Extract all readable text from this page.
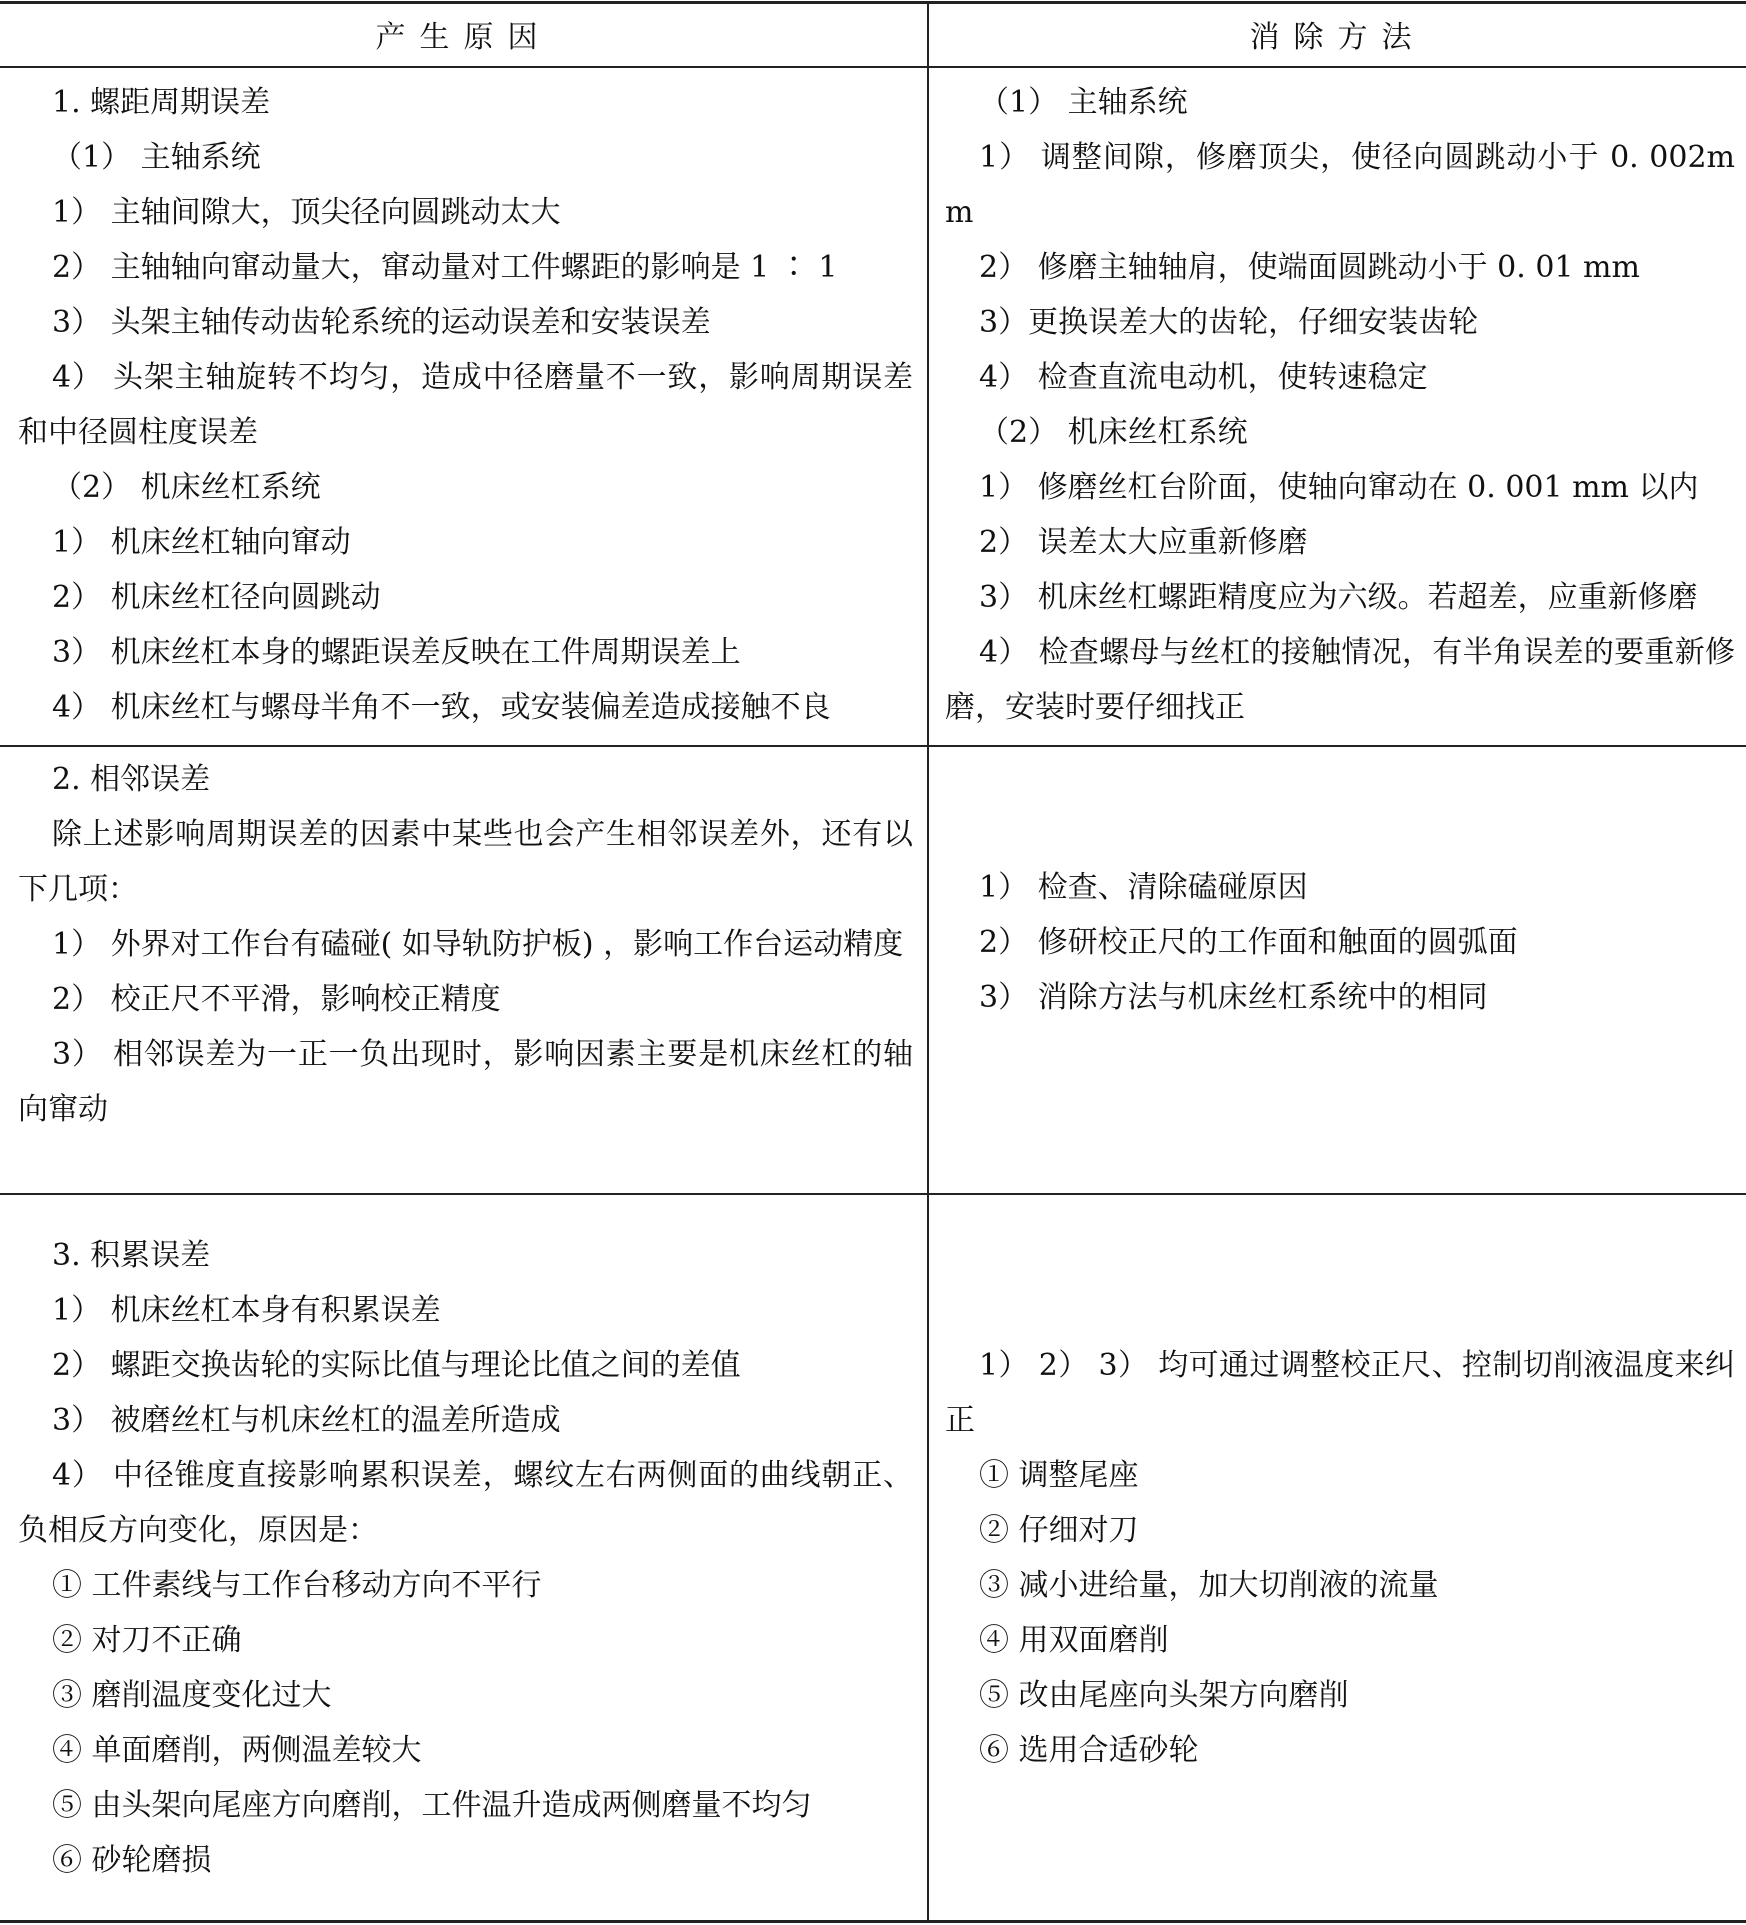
产生原因	消除方法

1. 螺距周期误差

（1） 主轴系统

1） 主轴间隙大，顶尖径向圆跳动太大

2） 主轴轴向窜动量大，窜动量对工件螺距的影响是 1 ∶ 1

3） 头架主轴传动齿轮系统的运动误差和安装误差

4） 头架主轴旋转不均匀，造成中径磨量不一致，影响周期误差和中径圆柱度误差

（2） 机床丝杠系统

1） 机床丝杠轴向窜动

2） 机床丝杠径向圆跳动

3） 机床丝杠本身的螺距误差反映在工件周期误差上

4） 机床丝杠与螺母半角不一致，或安装偏差造成接触不良

（1） 主轴系统

1） 调整间隙，修磨顶尖，使径向圆跳动小于 0. 002mm

2） 修磨主轴轴肩，使端面圆跳动小于 0. 01 mm

3）更换误差大的齿轮，仔细安装齿轮

4） 检查直流电动机，使转速稳定

（2） 机床丝杠系统

1） 修磨丝杠台阶面，使轴向窜动在 0. 001 mm 以内

2） 误差太大应重新修磨

3） 机床丝杠螺距精度应为六级。若超差，应重新修磨

4） 检查螺母与丝杠的接触情况，有半角误差的要重新修磨，安装时要仔细找正

2. 相邻误差

除上述影响周期误差的因素中某些也会产生相邻误差外，还有以下几项：

1） 外界对工作台有磕碰( 如导轨防护板) ，影响工作台运动精度

2） 校正尺不平滑，影响校正精度

3） 相邻误差为一正一负出现时，影响因素主要是机床丝杠的轴向窜动

1） 检查、清除磕碰原因

2） 修研校正尺的工作面和触面的圆弧面

3） 消除方法与机床丝杠系统中的相同

3. 积累误差

1） 机床丝杠本身有积累误差

2） 螺距交换齿轮的实际比值与理论比值之间的差值

3） 被磨丝杠与机床丝杠的温差所造成

4） 中径锥度直接影响累积误差，螺纹左右两侧面的曲线朝正、负相反方向变化，原因是：

① 工件素线与工作台移动方向不平行

② 对刀不正确

③ 磨削温度变化过大

④ 单面磨削，两侧温差较大

⑤ 由头架向尾座方向磨削，工件温升造成两侧磨量不均匀

⑥ 砂轮磨损

1） 2） 3） 均可通过调整校正尺、控制切削液温度来纠正

① 调整尾座

② 仔细对刀

③ 减小进给量，加大切削液的流量

④ 用双面磨削

⑤ 改由尾座向头架方向磨削

⑥ 选用合适砂轮
